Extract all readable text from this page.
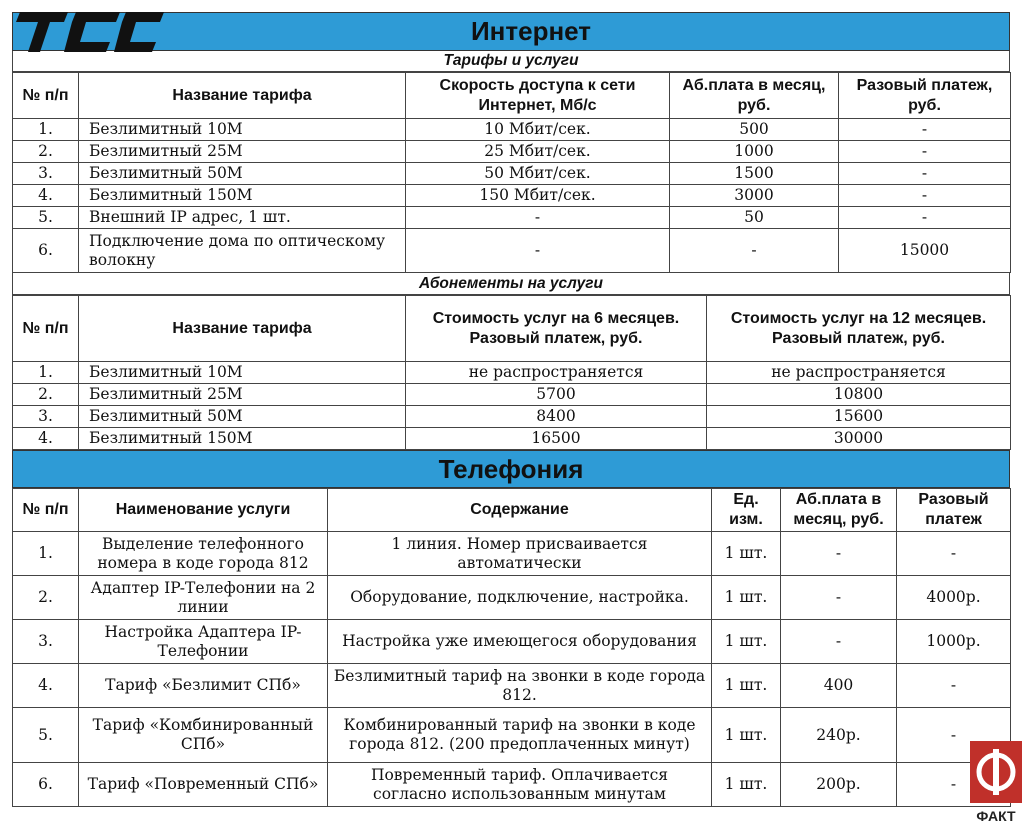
Интернет
Тарифы и услуги
№ п/п	Название тарифа	Скорость доступа к сети Интернет, Мб/с	Аб.плата в месяц, руб.	Разовый платеж, руб.
1.	Безлимитный 10М	10 Мбит/сек.	500	-
2.	Безлимитный 25М	25 Мбит/сек.	1000	-
3.	Безлимитный 50М	50 Мбит/сек.	1500	-
4.	Безлимитный 150М	150 Мбит/сек.	3000	-
5.	Внешний IP адрес, 1 шт.	-	50	-
6.	Подключение дома по оптическому волокну	-	-	15000
Абонементы на услуги
№ п/п	Название тарифа	Стоимость услуг на 6 месяцев. Разовый платеж, руб.	Стоимость услуг на 12 месяцев. Разовый платеж, руб.
1.	Безлимитный 10М	не распространяется	не распространяется
2.	Безлимитный 25М	5700	10800
3.	Безлимитный 50М	8400	15600
4.	Безлимитный 150М	16500	30000
Телефония
№ п/п	Наименование услуги	Содержание	Ед. изм.	Аб.плата в месяц, руб.	Разовый платеж
1.	Выделение телефонного номера в коде города 812	1 линия. Номер присваивается автоматически	1 шт.	-	-
2.	Адаптер IP-Телефонии на 2 линии	Оборудование, подключение, настройка.	1 шт.	-	4000р.
3.	Настройка Адаптера IP-Телефонии	Настройка уже имеющегося оборудования	1 шт.	-	1000р.
4.	Тариф «Безлимит СПб»	Безлимитный тариф на звонки в коде города 812.	1 шт.	400	-
5.	Тариф «Комбинированный СПб»	Комбинированный тариф на звонки в коде города 812. (200 предоплаченных минут)	1 шт.	240р.	-
6.	Тариф «Повременный СПб»	Повременный тариф. Оплачивается согласно использованным минутам	1 шт.	200р.	-
ФАКТ
